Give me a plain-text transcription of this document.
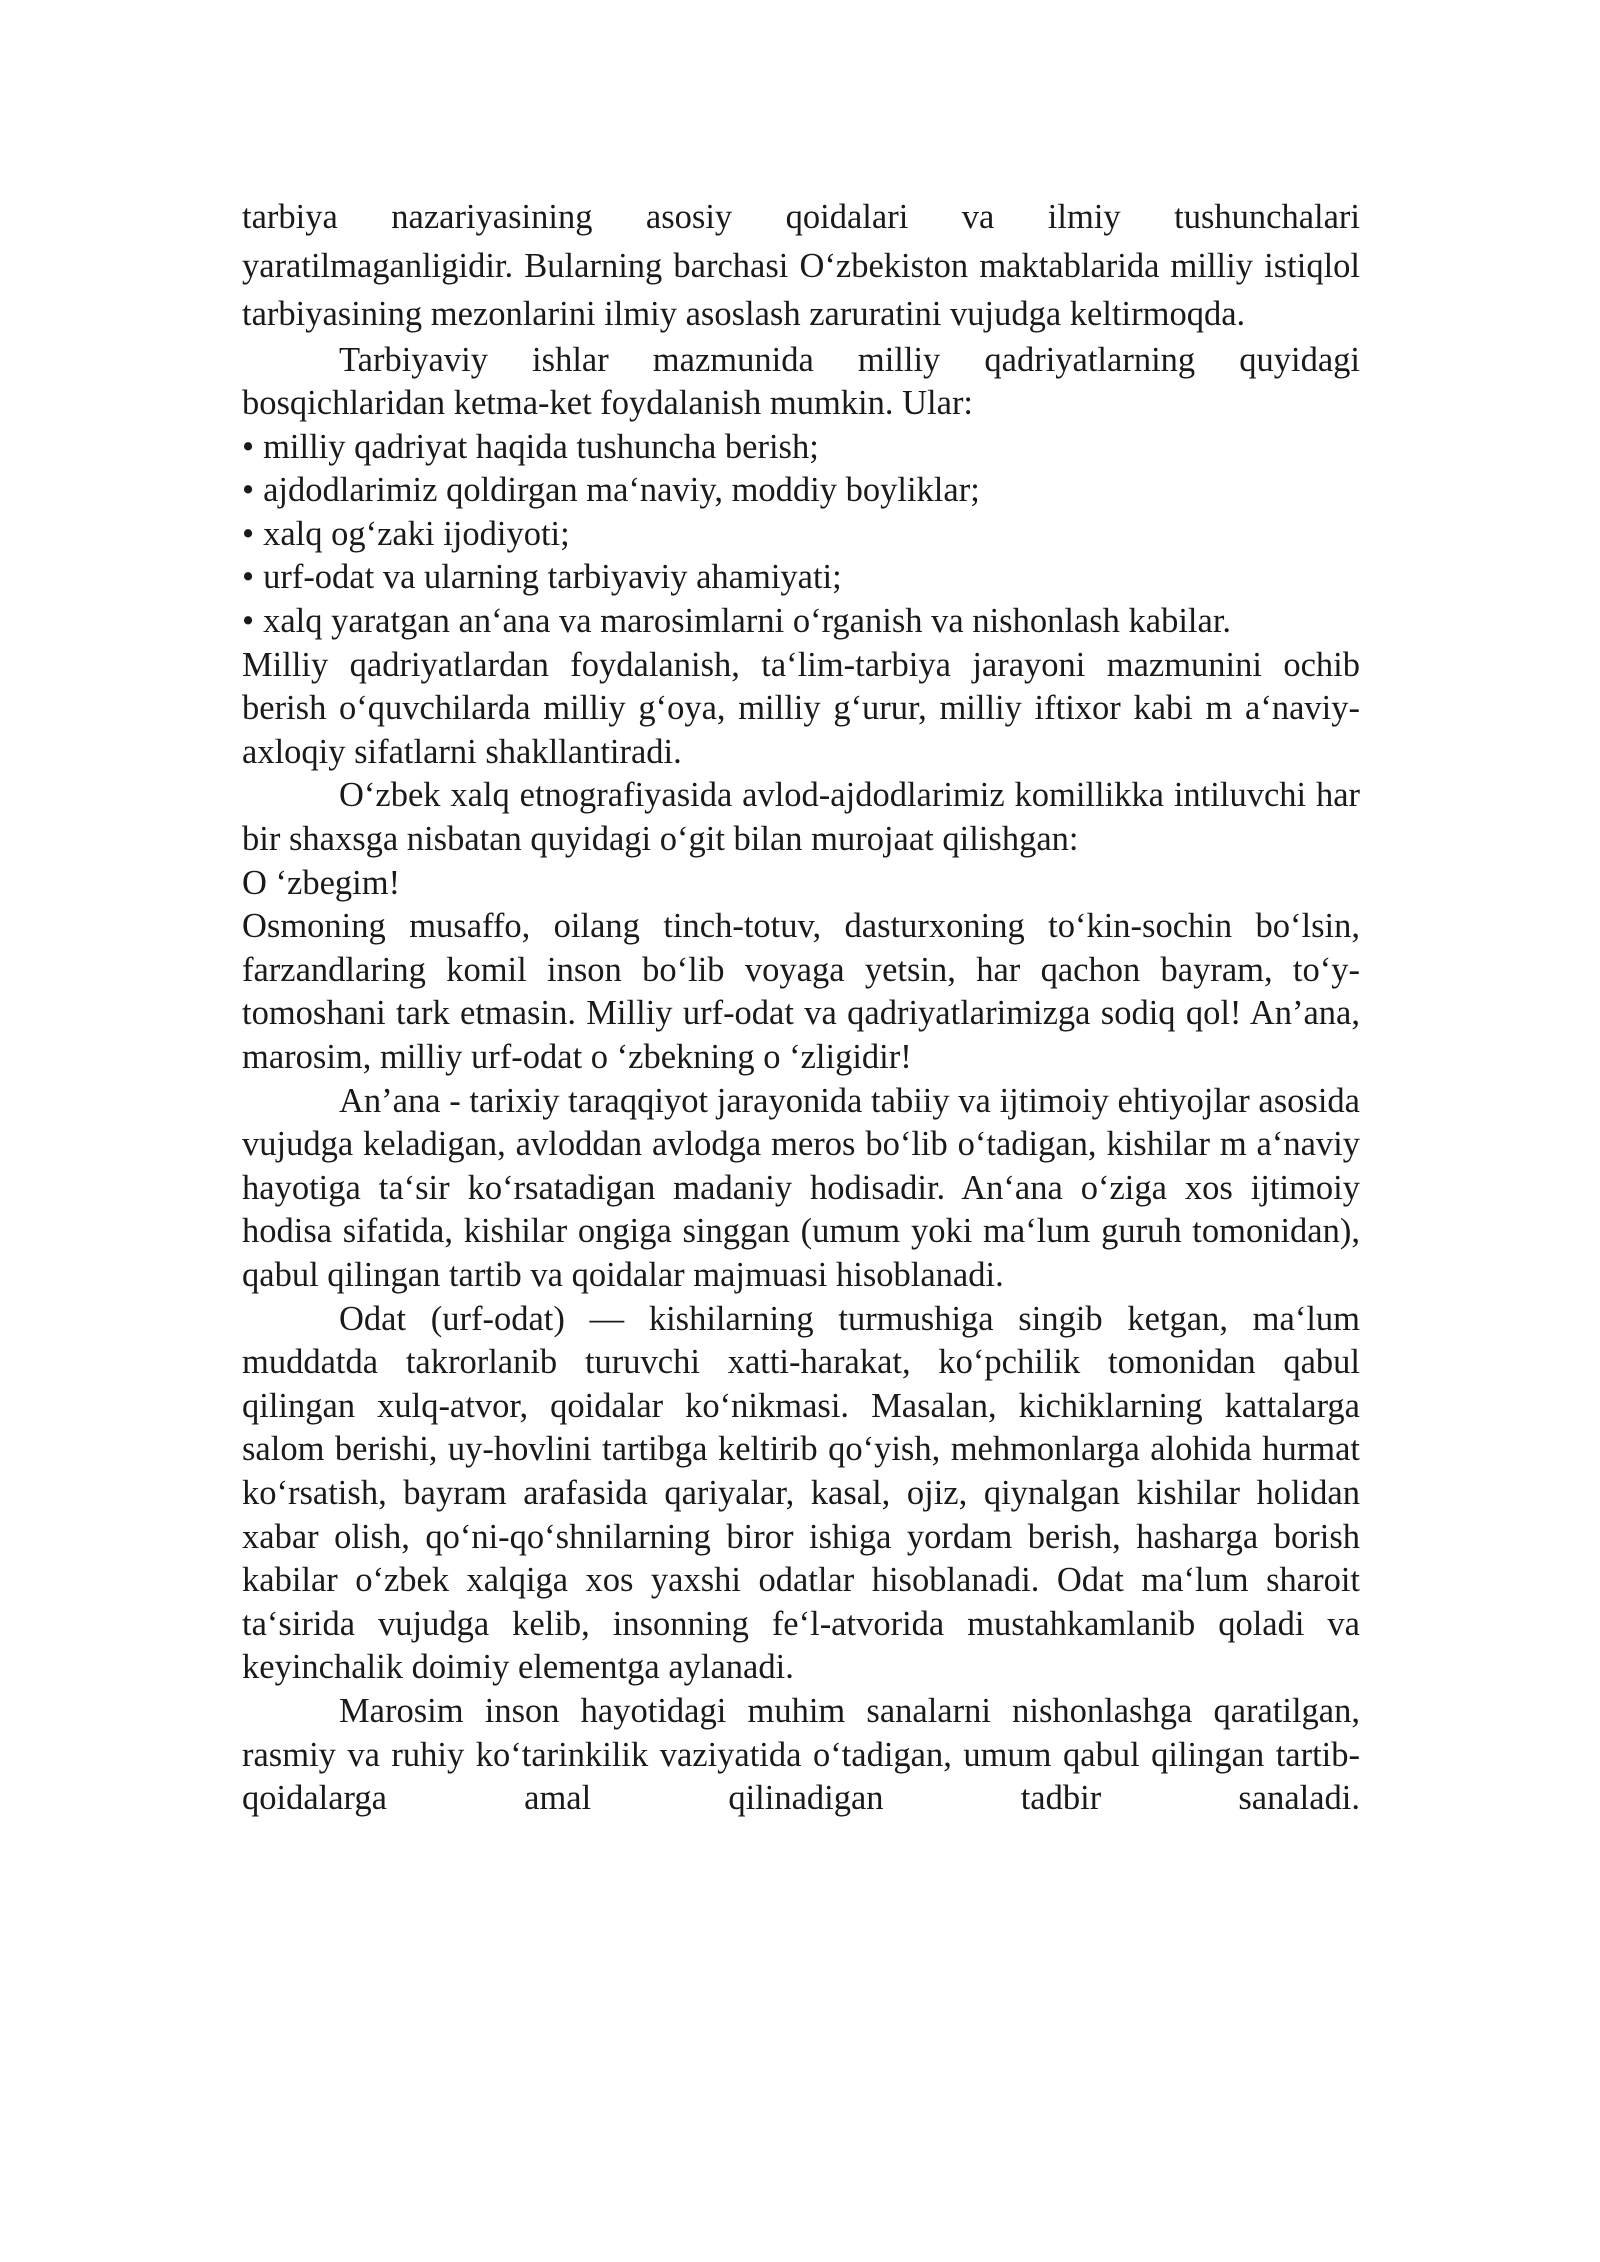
tarbiya nazariyasining asosiy qoidalari va ilmiy tushunchalari yaratilmaganligidir. Bularning barchasi O‘zbekiston maktablarida milliy istiqlol tarbiyasining mezonlarini ilmiy asoslash zaruratini vujudga keltirmoqda.

Tarbiyaviy ishlar mazmunida milliy qadriyatlarning quyidagi bosqichlaridan ketma-ket foydalanish mumkin. Ular:

• milliy qadriyat haqida tushuncha berish;
• ajdodlarimiz qoldirgan ma‘naviy, moddiy boyliklar;
• xalq og‘zaki ijodiyoti;
• urf-odat va ularning tarbiyaviy ahamiyati;
• xalq yaratgan an‘ana va marosimlarni o‘rganish va nishonlash kabilar.

Milliy qadriyatlardan foydalanish, ta‘lim-tarbiya jarayoni mazmunini ochib berish o‘quvchilarda milliy g‘oya, milliy g‘urur, milliy iftixor kabi m a‘naviy-axloqiy sifatlarni shakllantiradi.

O‘zbek xalq etnografiyasida avlod-ajdodlarimiz komillikka intiluvchi har bir shaxsga nisbatan quyidagi o‘git bilan murojaat qilishgan:

O ‘zbegim!

Osmoning musaffo, oilang tinch-totuv, dasturxoning to‘kin-sochin bo‘lsin, farzandlaring komil inson bo‘lib voyaga yetsin, har qachon bayram, to‘y-tomoshani tark etmasin. Milliy urf-odat va qadriyatlarimizga sodiq qol! An’ana, marosim, milliy urf-odat o ‘zbekning o ‘zligidir!

An’ana - tarixiy taraqqiyot jarayonida tabiiy va ijtimoiy ehtiyojlar asosida vujudga keladigan, avloddan avlodga meros bo‘lib o‘tadigan, kishilar m a‘naviy hayotiga ta‘sir ko‘rsatadigan madaniy hodisadir. An‘ana o‘ziga xos ijtimoiy hodisa sifatida, kishilar ongiga singgan (umum yoki ma‘lum guruh tomonidan), qabul qilingan tartib va qoidalar majmuasi hisoblanadi.

Odat (urf-odat) — kishilarning turmushiga singib ketgan, ma‘lum muddatda takrorlanib turuvchi xatti-harakat, ko‘pchilik tomonidan qabul qilingan xulq-atvor, qoidalar ko‘nikmasi. Masalan, kichiklarning kattalarga salom berishi, uy-hovlini tartibga keltirib qo‘yish, mehmonlarga alohida hurmat ko‘rsatish, bayram arafasida qariyalar, kasal, ojiz, qiynalgan kishilar holidan xabar olish, qo‘ni-qo‘shnilarning biror ishiga yordam berish, hasharga borish kabilar o‘zbek xalqiga xos yaxshi odatlar hisoblanadi. Odat ma‘lum sharoit ta‘sirida vujudga kelib, insonning fe‘l-atvorida mustahkamlanib qoladi va keyinchalik doimiy elementga aylanadi.

Marosim inson hayotidagi muhim sanalarni nishonlashga qaratilgan, rasmiy va ruhiy ko‘tarinkilik vaziyatida o‘tadigan, umum qabul qilingan tartib-qoidalarga amal qilinadigan tadbir sanaladi.
